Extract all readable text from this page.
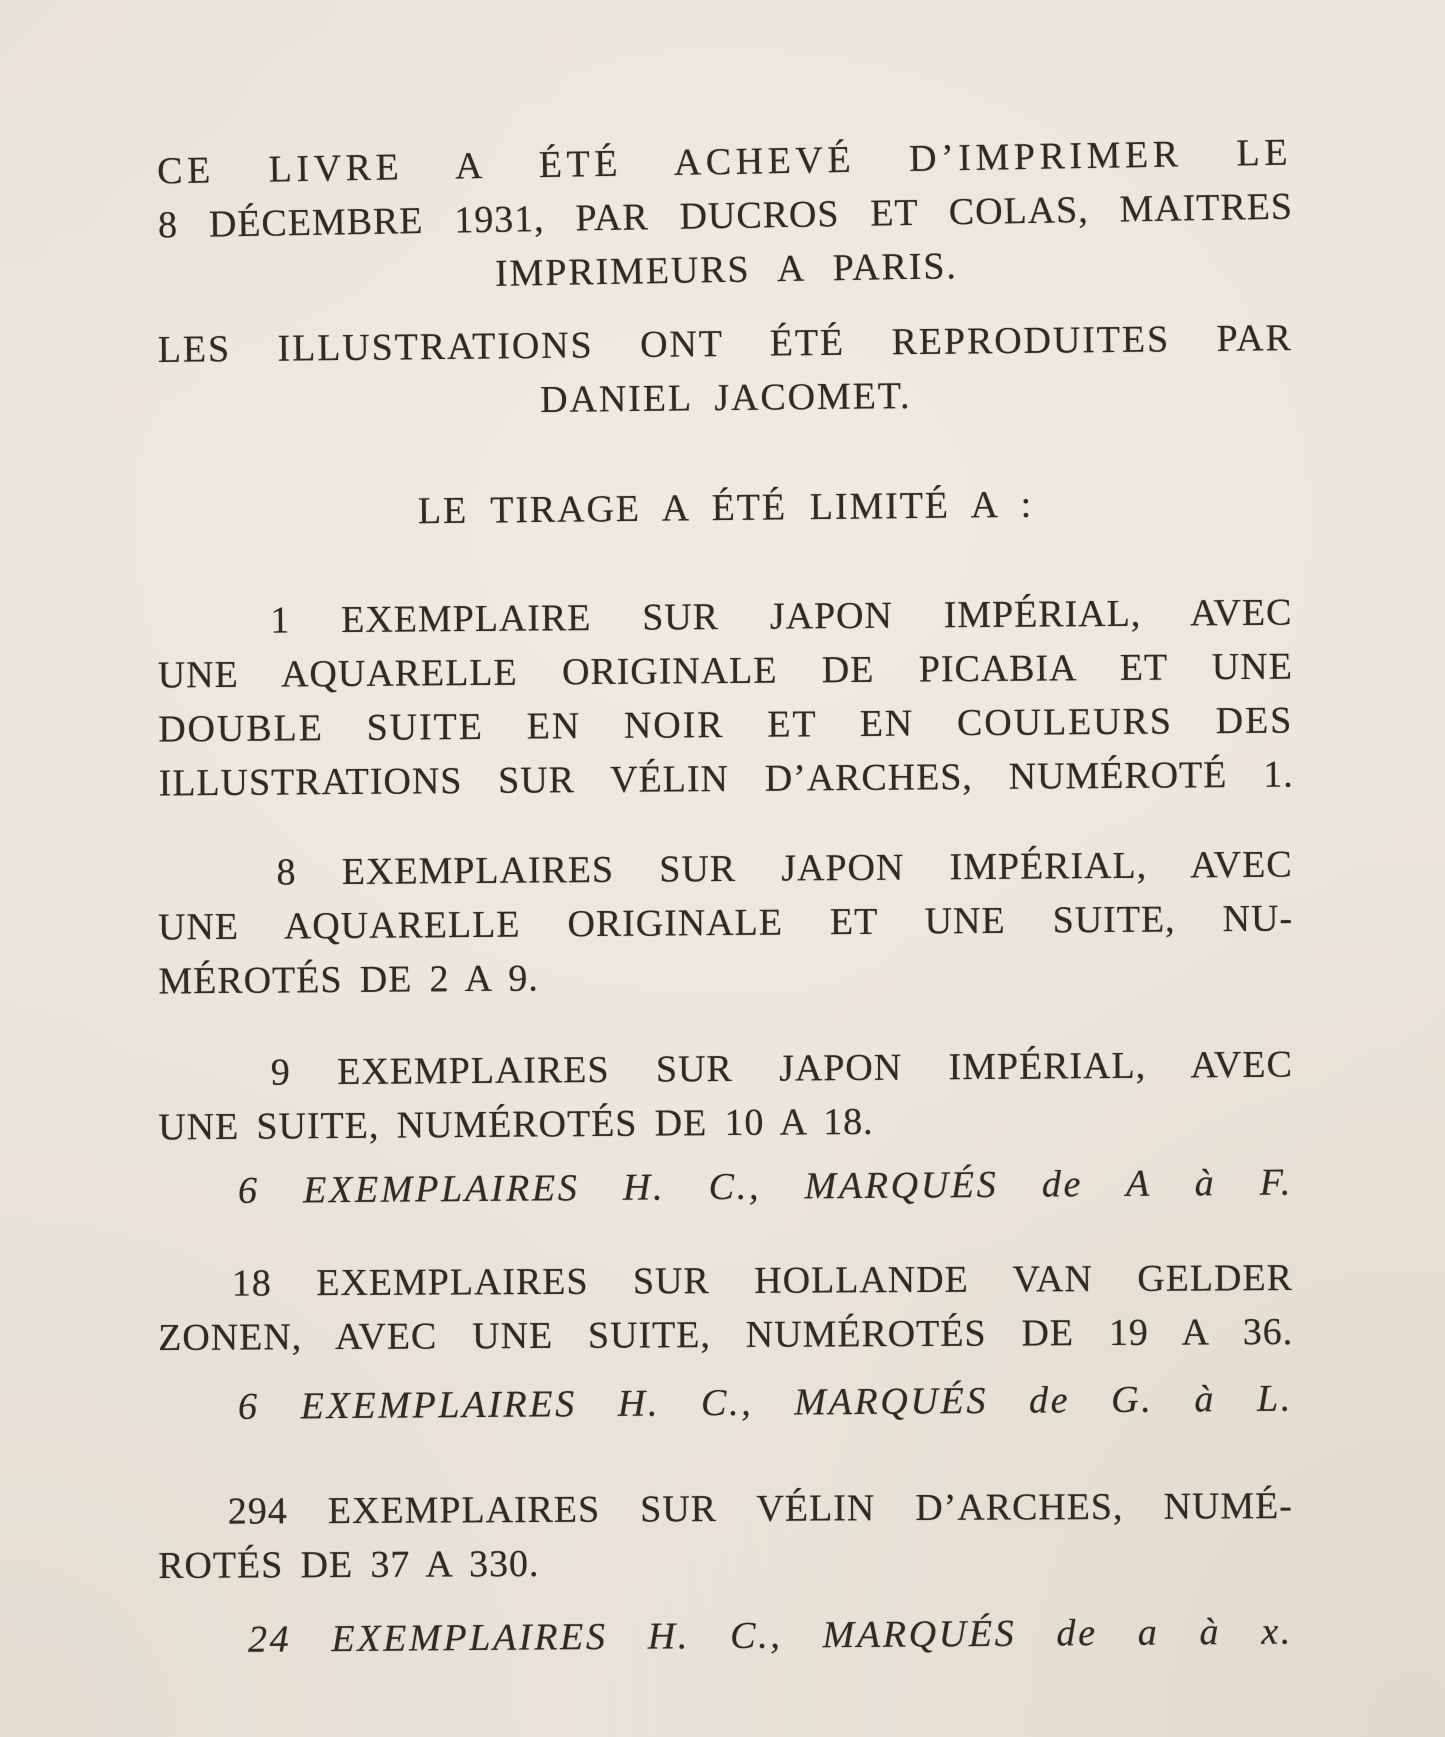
CE LIVRE A ÉTÉ ACHEVÉ D’IMPRIMER LE
8 DÉCEMBRE 1931, PAR DUCROS ET COLAS, MAITRES
IMPRIMEURS A PARIS.
LES ILLUSTRATIONS ONT ÉTÉ REPRODUITES PAR
DANIEL JACOMET.
LE TIRAGE A ÉTÉ LIMITÉ A :
1 EXEMPLAIRE SUR JAPON IMPÉRIAL, AVEC
UNE AQUARELLE ORIGINALE DE PICABIA ET UNE
DOUBLE SUITE EN NOIR ET EN COULEURS DES
ILLUSTRATIONS SUR VÉLIN D’ARCHES, NUMÉROTÉ 1.
8 EXEMPLAIRES SUR JAPON IMPÉRIAL, AVEC
UNE AQUARELLE ORIGINALE ET UNE SUITE, NU-
MÉROTÉS DE 2 A 9.
9 EXEMPLAIRES SUR JAPON IMPÉRIAL, AVEC
UNE SUITE, NUMÉROTÉS DE 10 A 18.
6 EXEMPLAIRES H. C., MARQUÉS de A à F.
18 EXEMPLAIRES SUR HOLLANDE VAN GELDER
ZONEN, AVEC UNE SUITE, NUMÉROTÉS DE 19 A 36.
6 EXEMPLAIRES H. C., MARQUÉS de G. à L.
294 EXEMPLAIRES SUR VÉLIN D’ARCHES, NUMÉ-
ROTÉS DE 37 A 330.
24 EXEMPLAIRES H. C., MARQUÉS de a à x.
